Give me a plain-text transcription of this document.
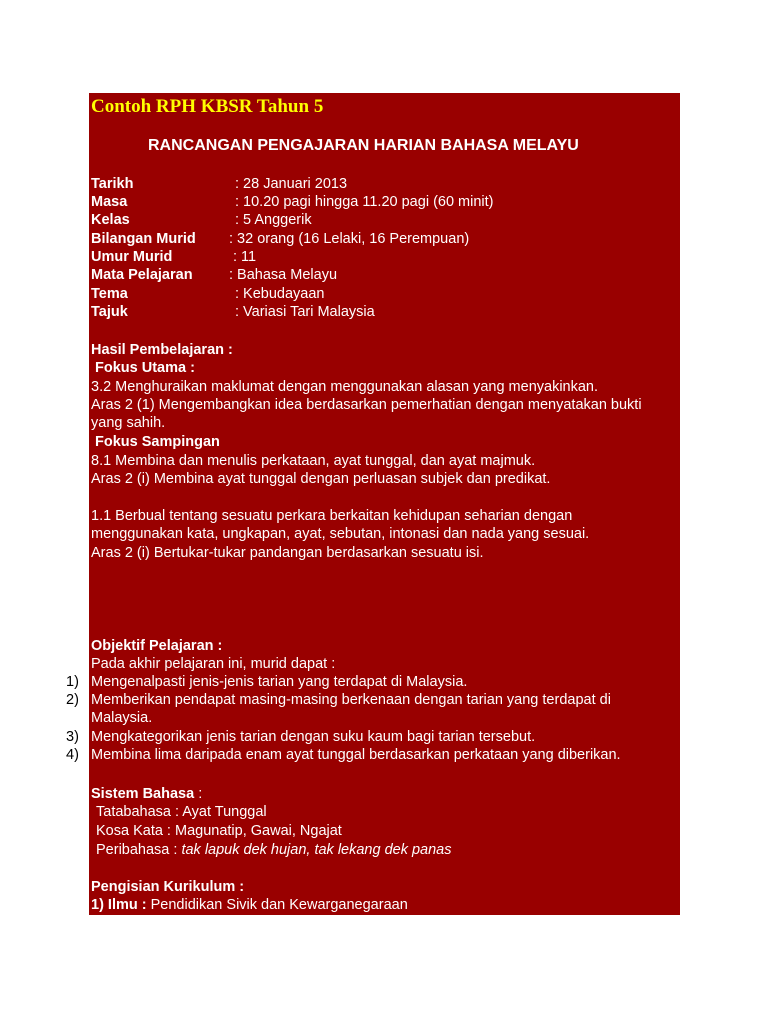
Contoh RPH KBSR Tahun 5
RANCANGAN PENGAJARAN HARIAN BAHASA MELAYU
Tarikh	: 28 Januari 2013
Masa	: 10.20 pagi hingga 11.20 pagi (60 minit)
Kelas	: 5 Anggerik
Bilangan Murid : 32 orang (16 Lelaki, 16 Perempuan)
Umur Murid	: 11
Mata Pelajaran	: Bahasa Melayu
Tema	: Kebudayaan
Tajuk	: Variasi Tari Malaysia
Hasil Pembelajaran :
• Fokus Utama :
3.2 Menghuraikan maklumat dengan menggunakan alasan yang menyakinkan.
Aras 2 (1) Mengembangkan idea berdasarkan pemerhatian dengan menyatakan bukti
yang sahih.
• Fokus Sampingan
8.1 Membina dan menulis perkataan, ayat tunggal, dan ayat majmuk.
Aras 2 (i) Membina ayat tunggal dengan perluasan subjek dan predikat.
1.1 Berbual tentang sesuatu perkara berkaitan kehidupan seharian dengan
menggunakan kata, ungkapan, ayat, sebutan, intonasi dan nada yang sesuai.
Aras 2 (i) Bertukar-tukar pandangan berdasarkan sesuatu isi.
Objektif Pelajaran :
Pada akhir pelajaran ini, murid dapat :
1) Mengenalpasti jenis-jenis tarian yang terdapat di Malaysia.
2) Memberikan pendapat masing-masing berkenaan dengan tarian yang terdapat di
Malaysia.
3) Mengkategorikan jenis tarian dengan suku kaum bagi tarian tersebut.
4) Membina lima daripada enam ayat tunggal berdasarkan perkataan yang diberikan.
Sistem Bahasa :
• Tatabahasa : Ayat Tunggal
• Kosa Kata : Magunatip, Gawai, Ngajat
• Peribahasa : tak lapuk dek hujan, tak lekang dek panas
Pengisian Kurikulum :
1) Ilmu : Pendidikan Sivik dan Kewarganegaraan
